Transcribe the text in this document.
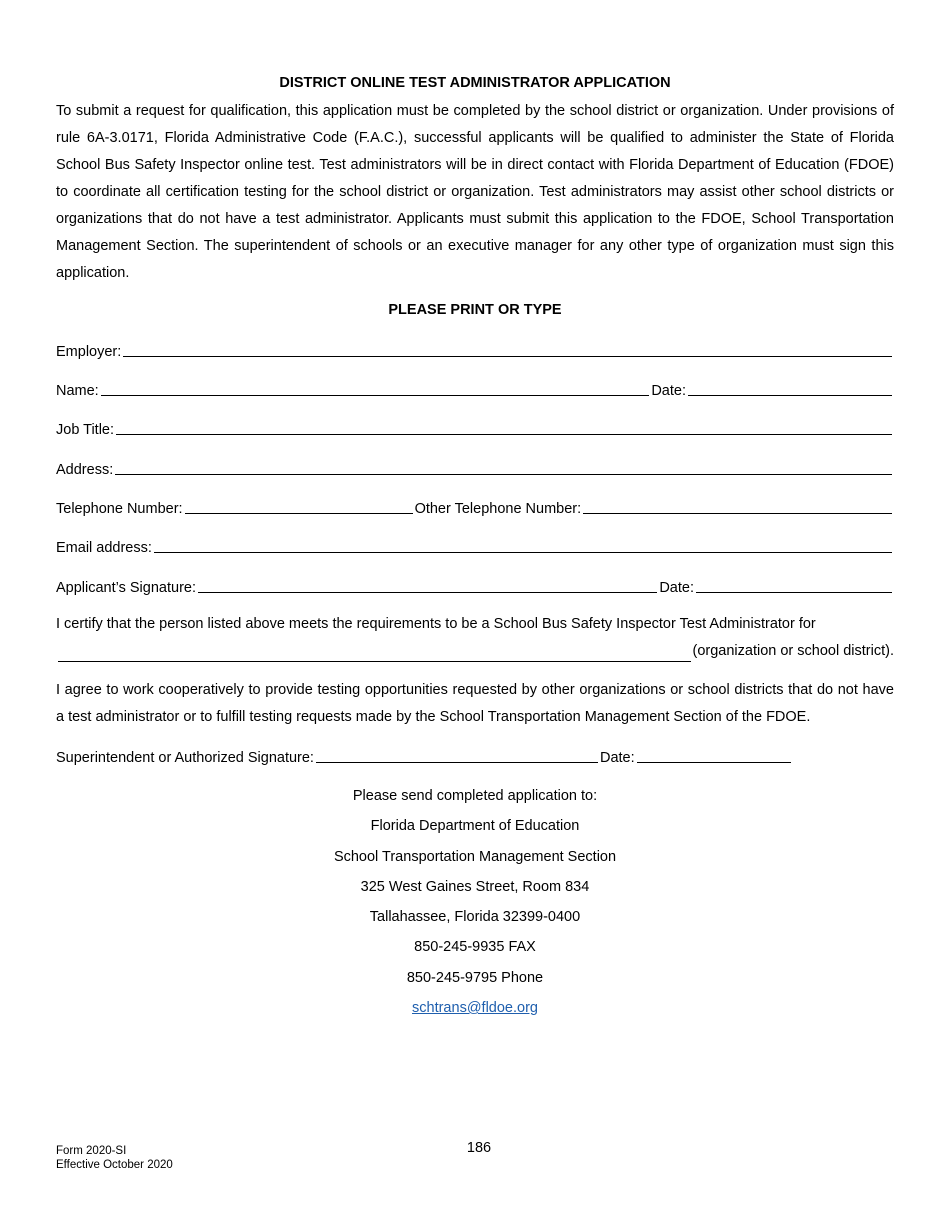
DISTRICT ONLINE TEST ADMINISTRATOR APPLICATION

To submit a request for qualification, this application must be completed by the school district or organization. Under provisions of rule 6A-3.0171, Florida Administrative Code (F.A.C.), successful applicants will be qualified to administer the State of Florida School Bus Safety Inspector online test. Test administrators will be in direct contact with Florida Department of Education (FDOE) to coordinate all certification testing for the school district or organization. Test administrators may assist other school districts or organizations that do not have a test administrator. Applicants must submit this application to the FDOE, School Transportation Management Section. The superintendent of schools or an executive manager for any other type of organization must sign this application.

PLEASE PRINT OR TYPE
Employer:
Name:	Date:
Job Title:
Address:
Telephone Number:	Other Telephone Number:
Email address:
Applicant’s Signature:	Date:
I certify that the person listed above meets the requirements to be a School Bus Safety Inspector Test Administrator for
(organization or school district).

I agree to work cooperatively to provide testing opportunities requested by other organizations or school districts that do not have a test administrator or to fulfill testing requests made by the School Transportation Management Section of the FDOE.

Superintendent or Authorized Signature:	Date:
Please send completed application to:
Florida Department of Education
School Transportation Management Section
325 West Gaines Street, Room 834
Tallahassee, Florida 32399-0400
850-245-9935 FAX
850-245-9795 Phone
schtrans@fldoe.org
Form 2020-SI
Effective October 2020
186
